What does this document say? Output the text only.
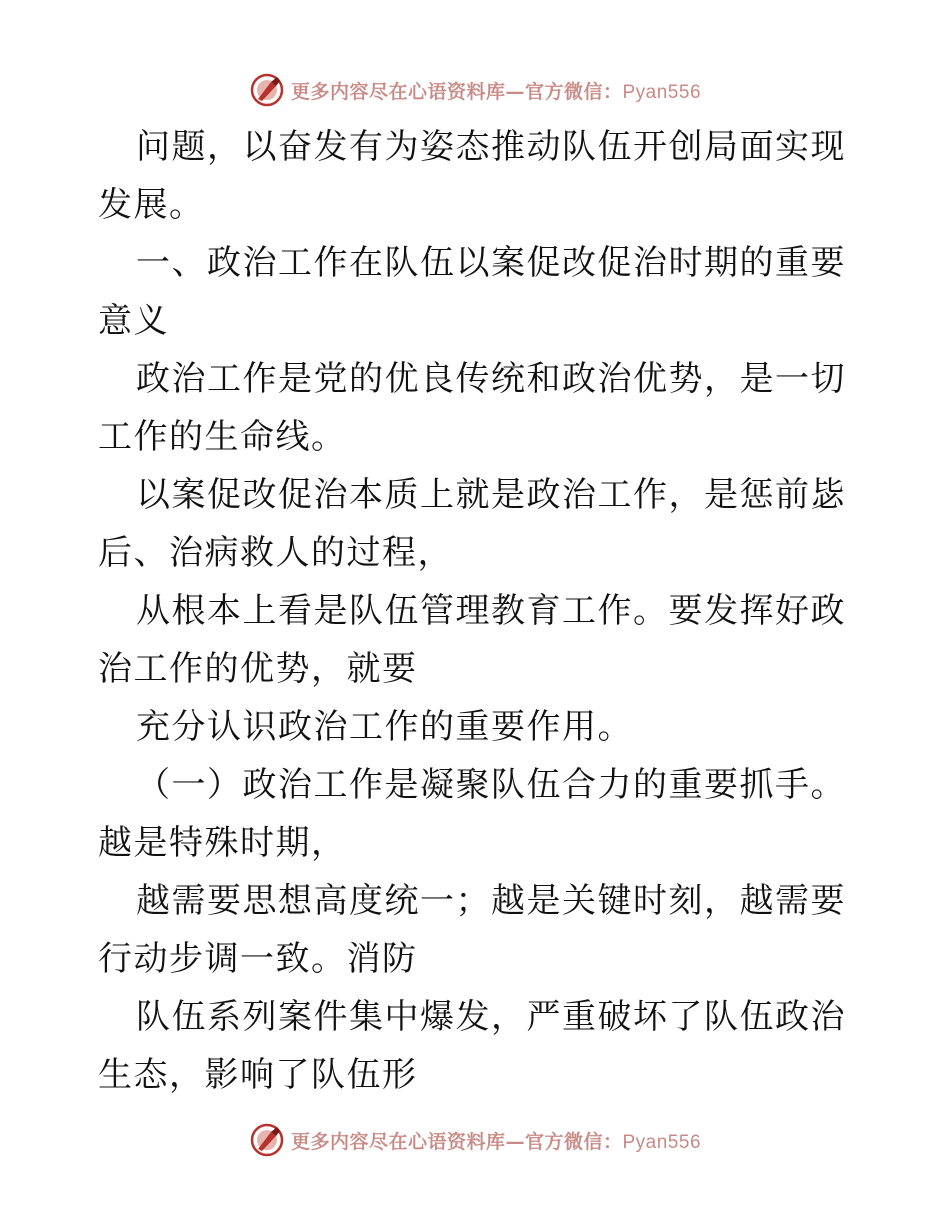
更多内容尽在心语资料库—官方微信：Pyan556

问题，以奋发有为姿态推动队伍开创局面实现发展。

一、政治工作在队伍以案促改促治时期的重要意义

政治工作是党的优良传统和政治优势，是一切工作的生命线。

以案促改促治本质上就是政治工作，是惩前毖后、治病救人的过程，

从根本上看是队伍管理教育工作。要发挥好政治工作的优势，就要

充分认识政治工作的重要作用。

（一）政治工作是凝聚队伍合力的重要抓手。越是特殊时期，

越需要思想高度统一；越是关键时刻，越需要行动步调一致。消防

队伍系列案件集中爆发，严重破坏了队伍政治生态，影响了队伍形

更多内容尽在心语资料库—官方微信：Pyan556
